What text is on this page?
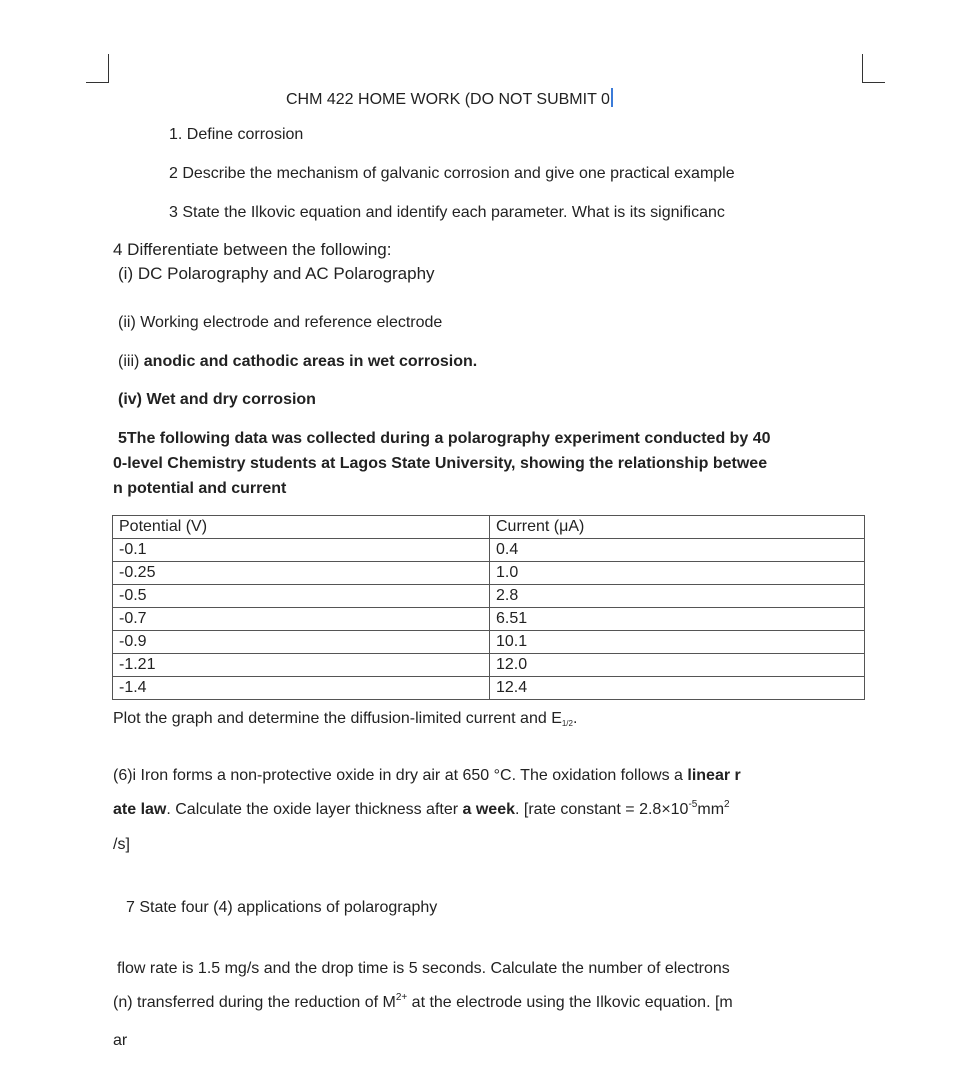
CHM 422 HOME WORK (DO NOT SUBMIT 0
1. Define corrosion
2 Describe the mechanism of galvanic corrosion and give one practical example
3 State the Ilkovic equation and identify each parameter. What is its significanc
4 Differentiate between the following:
(i) DC Polarography and AC Polarography
(ii) Working electrode and reference electrode
(iii) anodic and cathodic areas in wet corrosion.
(iv) Wet and dry corrosion
5The following data was collected during a polarography experiment conducted by 40
0-level Chemistry students at Lagos State University, showing the relationship betwee
n potential and current
Potential (V)	Current (μA)
-0.1	0.4
-0.25	1.0
-0.5	2.8
-0.7	6.51
-0.9	10.1
-1.21	12.0
-1.4	12.4
Plot the graph and determine the diffusion-limited current and $E_{1/2}$.
(6)i Iron forms a non-protective oxide in dry air at 650 °C. The oxidation follows a linear r
ate law. Calculate the oxide layer thickness after a week. [rate constant = $2.8\times 10^{-5}mm^2$
/s]
7 State four (4) applications of polarography
flow rate is 1.5 mg/s and the drop time is 5 seconds. Calculate the number of electrons
(n) transferred during the reduction of $M^{2+}$ at the electrode using the Ilkovic equation. [m
ar
